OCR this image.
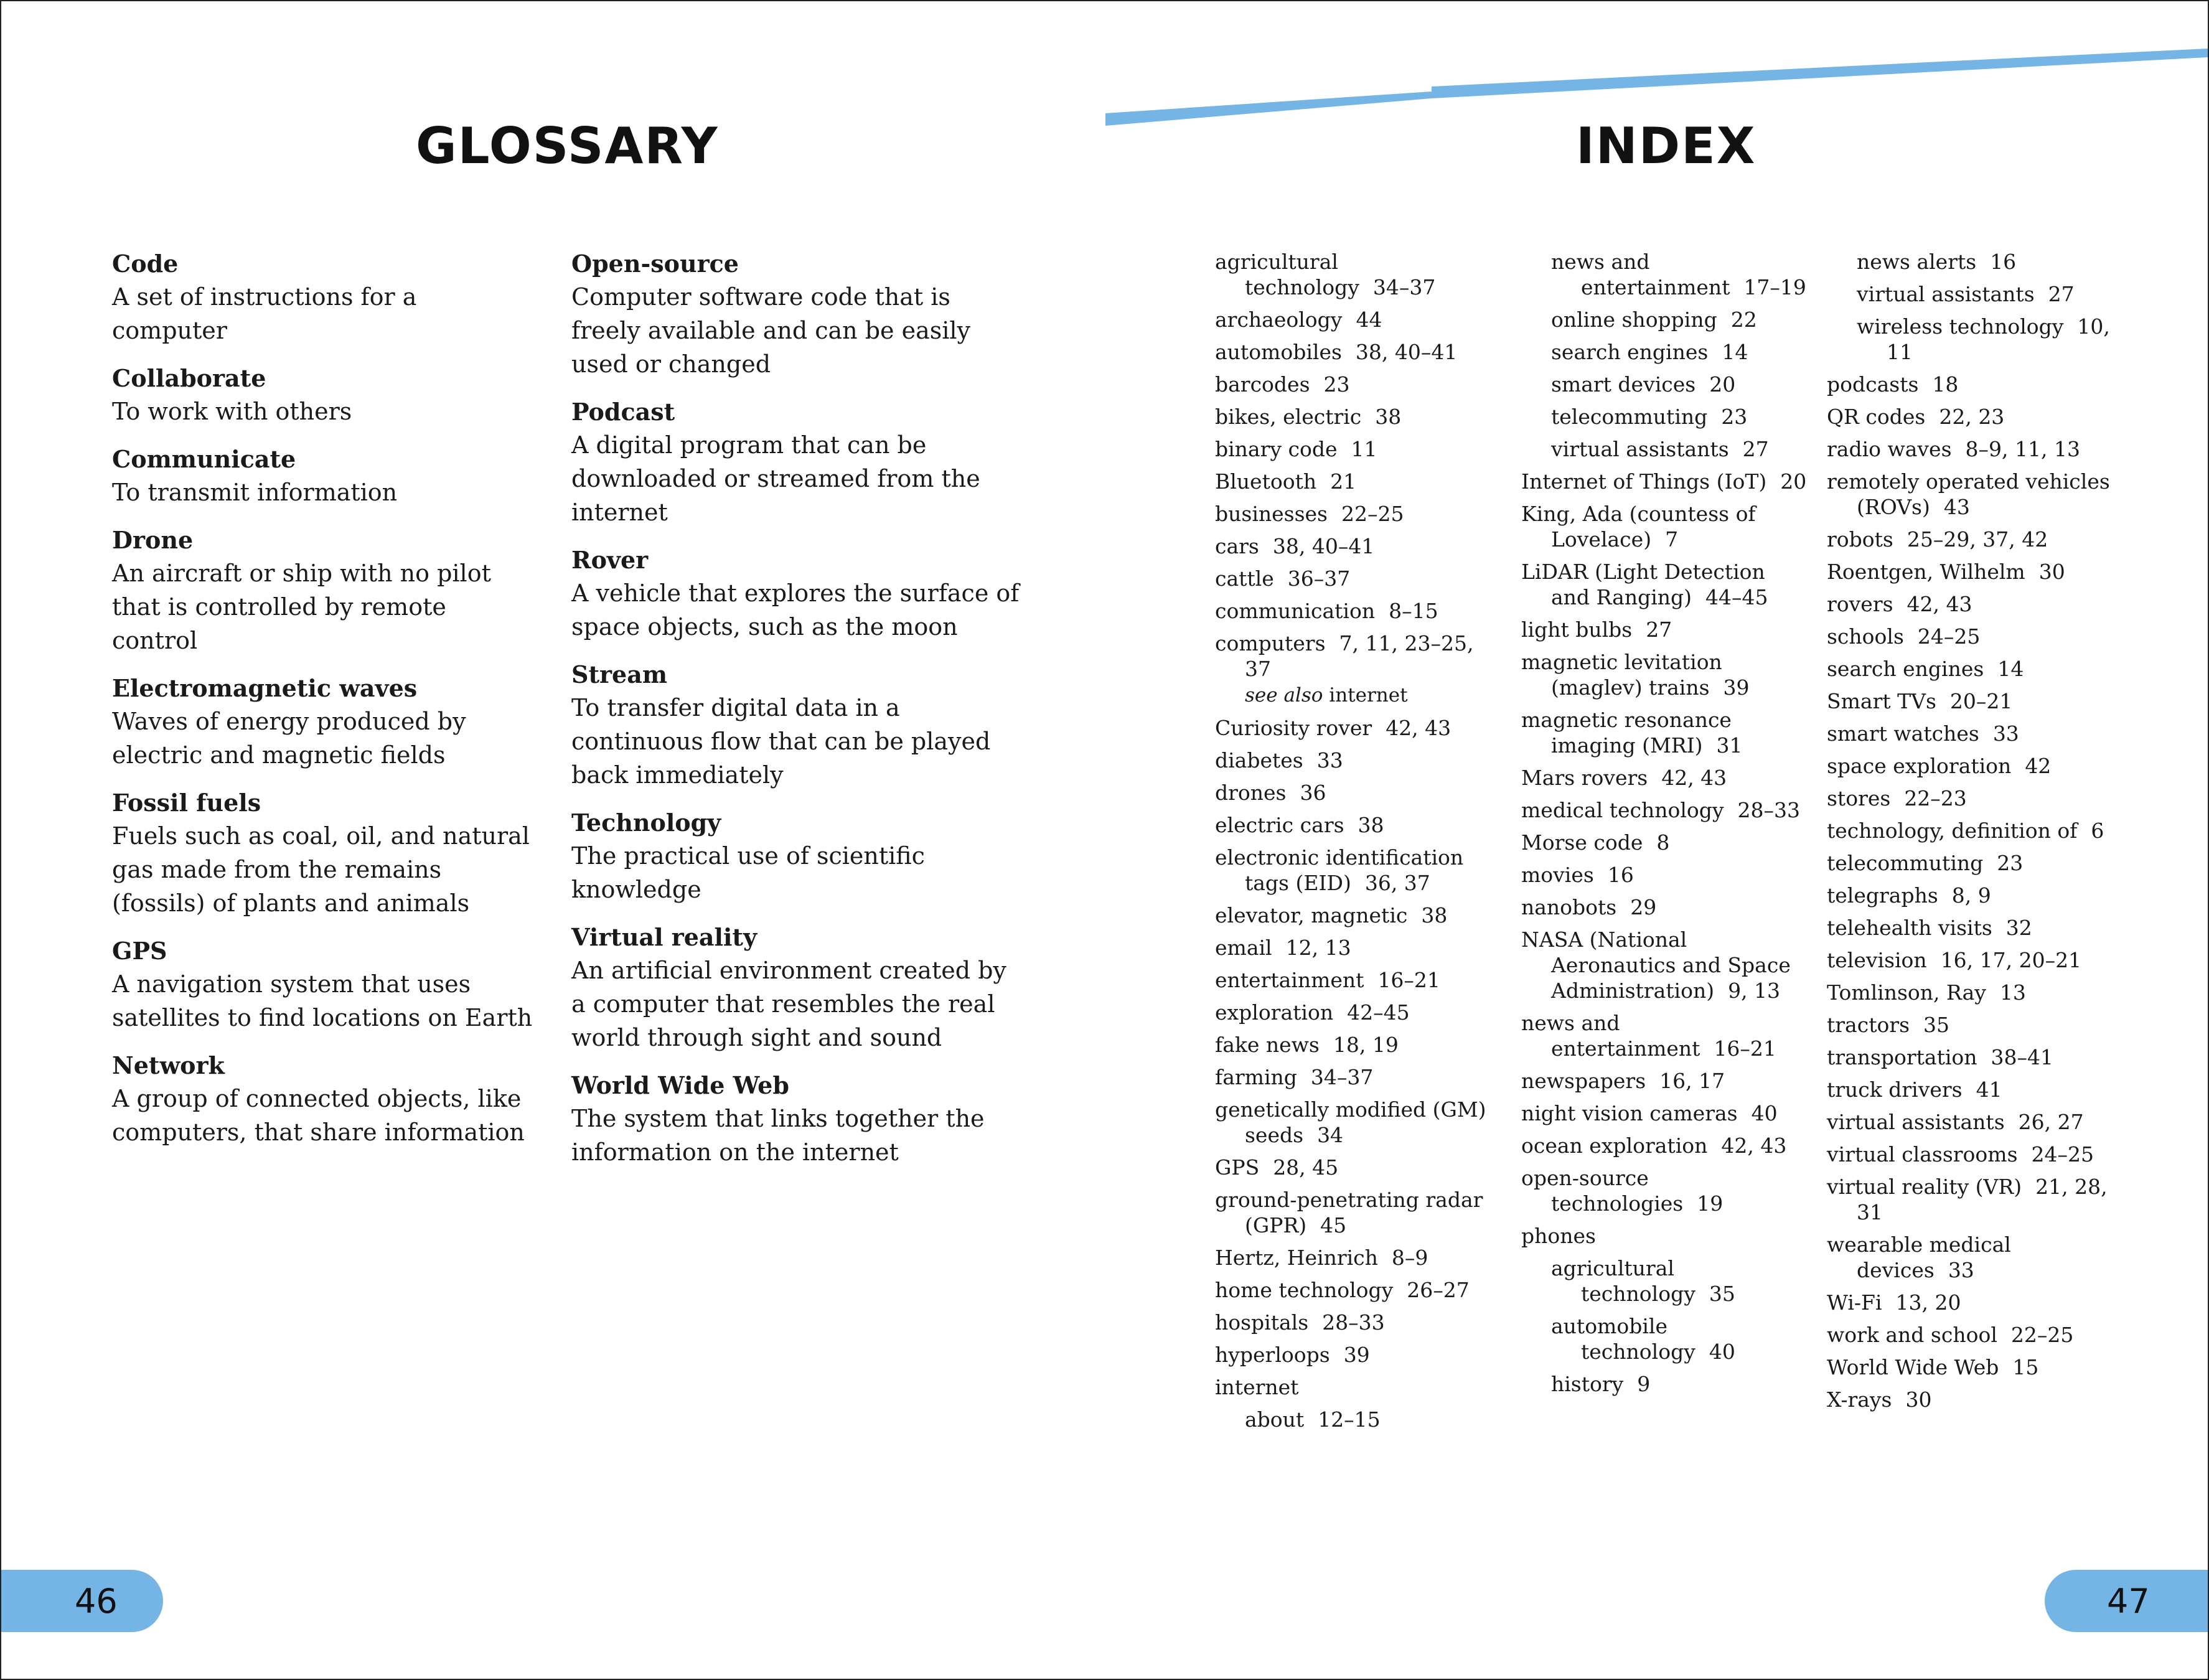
GLOSSARY	INDEX
Code
A set of instructions for a computer
Collaborate
To work with others
Communicate
To transmit information
Drone
An aircraft or ship with no pilot that is controlled by remote control
Electromagnetic waves
Waves of energy produced by electric and magnetic fields
Fossil fuels
Fuels such as coal, oil, and natural gas made from the remains (fossils) of plants and animals
GPS
A navigation system that uses satellites to find locations on Earth
Network
A group of connected objects, like computers, that share information
Open-source
Computer software code that is freely available and can be easily used or changed
Podcast
A digital program that can be downloaded or streamed from the internet
Rover
A vehicle that explores the surface of space objects, such as the moon
Stream
To transfer digital data in a continuous flow that can be played back immediately
Technology
The practical use of scientific knowledge
Virtual reality
An artificial environment created by a computer that resembles the real world through sight and sound
World Wide Web
The system that links together the information on the internet
agricultural technology 34–37
archaeology 44
automobiles 38, 40–41
barcodes 23
bikes, electric 38
binary code 11
Bluetooth 21
businesses 22–25
cars 38, 40–41
cattle 36–37
communication 8–15
computers 7, 11, 23–25, 37
see also internet
Curiosity rover 42, 43
diabetes 33
drones 36
electric cars 38
electronic identification tags (EID) 36, 37
elevator, magnetic 38
email 12, 13
entertainment 16–21
exploration 42–45
fake news 18, 19
farming 34–37
genetically modified (GM) seeds 34
GPS 28, 45
ground-penetrating radar (GPR) 45
Hertz, Heinrich 8–9
home technology 26–27
hospitals 28–33
hyperloops 39
internet
about 12–15
news and entertainment 17–19
online shopping 22
search engines 14
smart devices 20
telecommuting 23
virtual assistants 27
Internet of Things (IoT) 20
King, Ada (countess of Lovelace) 7
LiDAR (Light Detection and Ranging) 44–45
light bulbs 27
magnetic levitation (maglev) trains 39
magnetic resonance imaging (MRI) 31
Mars rovers 42, 43
medical technology 28–33
Morse code 8
movies 16
nanobots 29
NASA (National Aeronautics and Space Administration) 9, 13
news and entertainment 16–21
newspapers 16, 17
night vision cameras 40
ocean exploration 42, 43
open-source technologies 19
phones
agricultural technology 35
automobile technology 40
history 9
news alerts 16
virtual assistants 27
wireless technology 10, 11
podcasts 18
QR codes 22, 23
radio waves 8–9, 11, 13
remotely operated vehicles (ROVs) 43
robots 25–29, 37, 42
Roentgen, Wilhelm 30
rovers 42, 43
schools 24–25
search engines 14
Smart TVs 20–21
smart watches 33
space exploration 42
stores 22–23
technology, definition of 6
telecommuting 23
telegraphs 8, 9
telehealth visits 32
television 16, 17, 20–21
Tomlinson, Ray 13
tractors 35
transportation 38–41
truck drivers 41
virtual assistants 26, 27
virtual classrooms 24–25
virtual reality (VR) 21, 28, 31
wearable medical devices 33
Wi-Fi 13, 20
work and school 22–25
World Wide Web 15
X-rays 30
46	47
